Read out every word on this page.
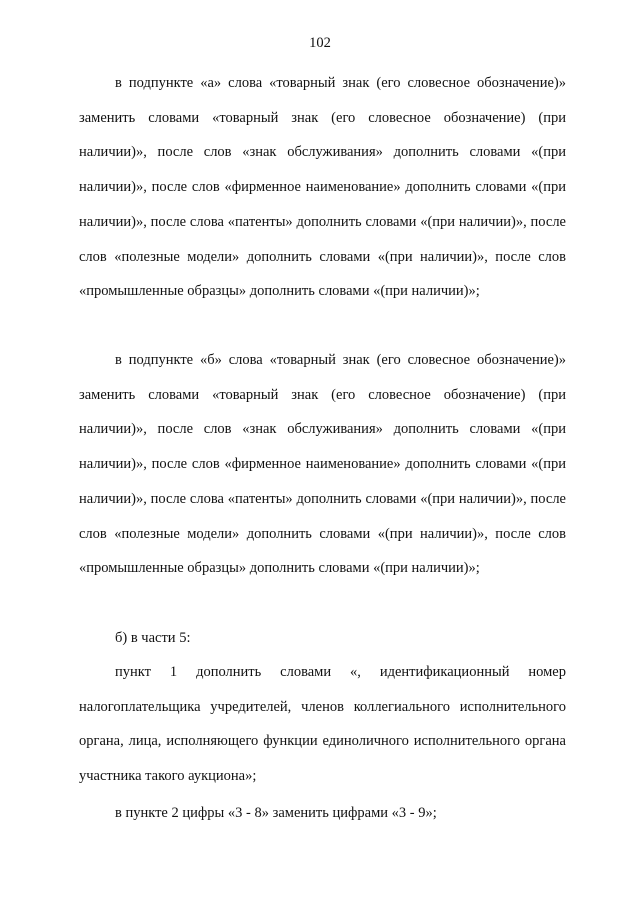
102

в подпункте «а» слова «товарный знак (его словесное обозначение)» заменить словами «товарный знак (его словесное обозначение) (при наличии)», после слов «знак обслуживания» дополнить словами «(при наличии)», после слов «фирменное наименование» дополнить словами «(при наличии)», после слова «патенты» дополнить словами «(при наличии)», после слов «полезные модели» дополнить словами «(при наличии)», после слов «промышленные образцы» дополнить словами «(при наличии)»;

в подпункте «б» слова «товарный знак (его словесное обозначение)» заменить словами «товарный знак (его словесное обозначение) (при наличии)», после слов «знак обслуживания» дополнить словами «(при наличии)», после слов «фирменное наименование» дополнить словами «(при наличии)», после слова «патенты» дополнить словами «(при наличии)», после слов «полезные модели» дополнить словами «(при наличии)», после слов «промышленные образцы» дополнить словами «(при наличии)»;

б) в части 5:

пункт 1 дополнить словами «, идентификационный номер налогоплательщика учредителей, членов коллегиального исполнительного органа, лица, исполняющего функции единоличного исполнительного органа участника такого аукциона»;

в пункте 2 цифры «3 - 8» заменить цифрами «3 - 9»;
